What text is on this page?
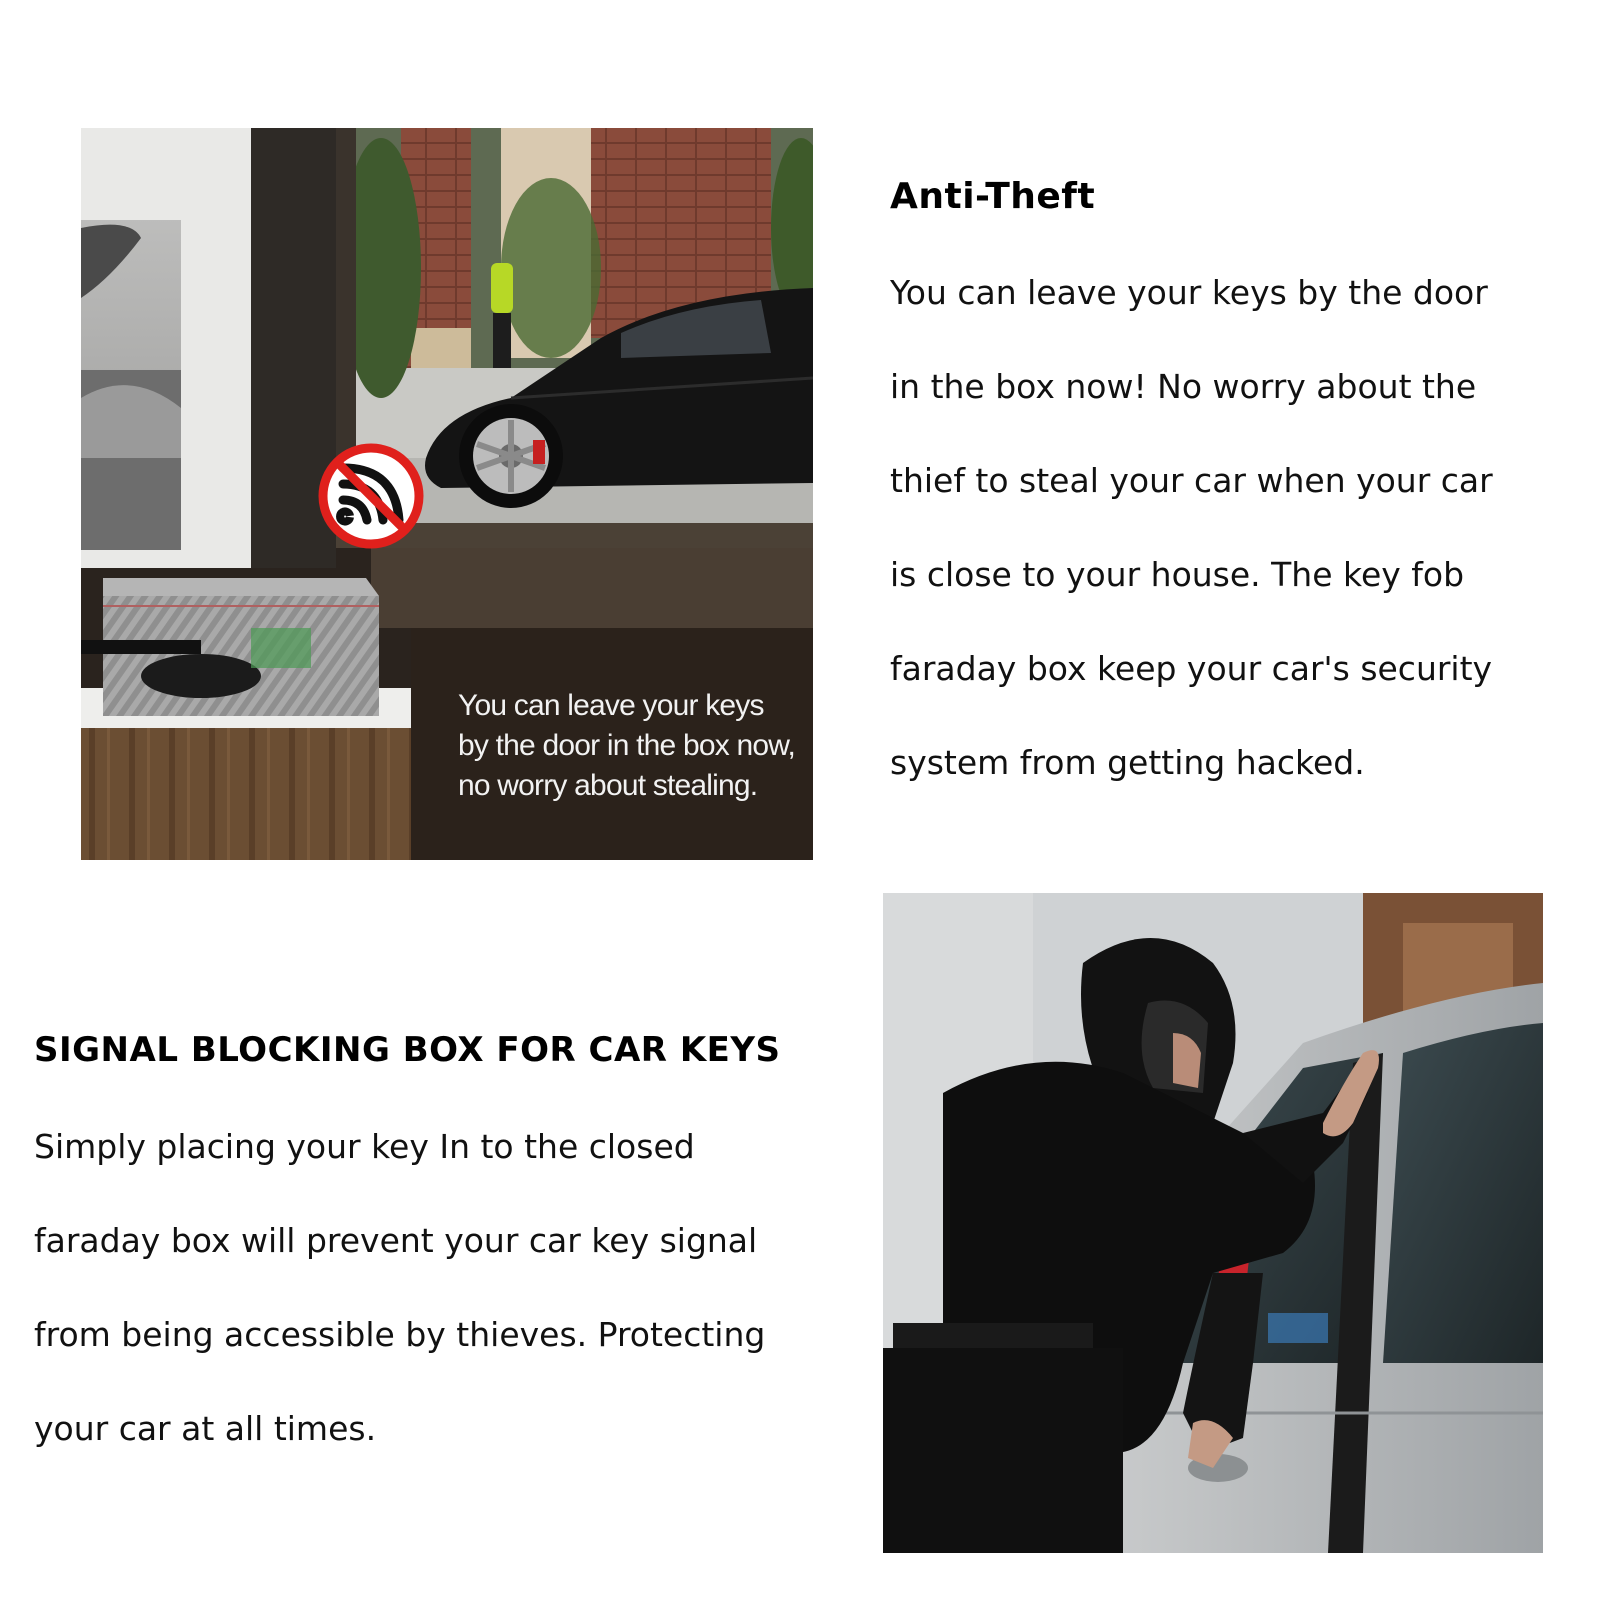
You can leave your keys
by the door in the box now,
no worry about stealing.
Anti-Theft

You can leave your keys by the door
in the box now! No worry about the
thief to steal your car when your car
is close to your house. The key fob
faraday box keep your car's security
system from getting hacked.

SIGNAL BLOCKING BOX FOR CAR KEYS

Simply placing your key In to the closed
faraday box will prevent your car key signal
from being accessible by thieves. Protecting
your car at all times.
